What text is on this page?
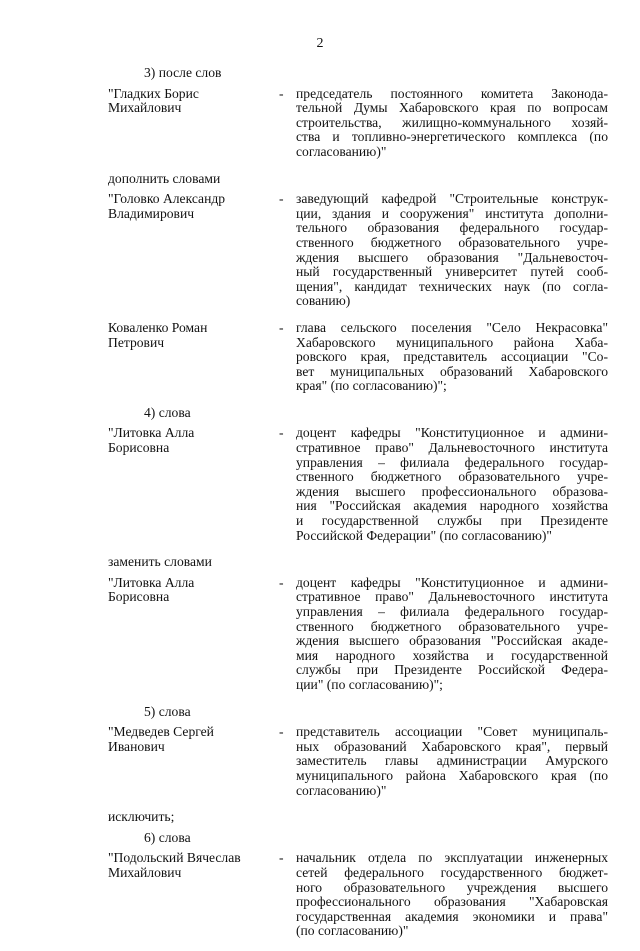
2
3) после слов
"Гладких Борис
Михайлович
- председатель постоянного комитета Законода-
тельной Думы Хабаровского края по вопросам
строительства, жилищно-коммунального хозяй-
ства и топливно-энергетического комплекса (по
согласованию)"
дополнить словами
"Головко Александр
Владимирович
- заведующий кафедрой "Строительные конструк-
ции, здания и сооружения" института дополни-
тельного образования федерального государ-
ственного бюджетного образовательного учре-
ждения высшего образования "Дальневосточ-
ный государственный университет путей сооб-
щения", кандидат технических наук (по согла-
сованию)
Коваленко Роман
Петрович
- глава сельского поселения "Село Некрасовка"
Хабаровского муниципального района Хаба-
ровского края, представитель ассоциации "Со-
вет муниципальных образований Хабаровского
края" (по согласованию)";
4) слова
"Литовка Алла
Борисовна
- доцент кафедры "Конституционное и админи-
стративное право" Дальневосточного института
управления – филиала федерального государ-
ственного бюджетного образовательного учре-
ждения высшего профессионального образова-
ния "Российская академия народного хозяйства
и государственной службы при Президенте
Российской Федерации" (по согласованию)"
заменить словами
"Литовка Алла
Борисовна
- доцент кафедры "Конституционное и админи-
стративное право" Дальневосточного института
управления – филиала федерального государ-
ственного бюджетного образовательного учре-
ждения высшего образования "Российская акаде-
мия народного хозяйства и государственной
службы при Президенте Российской Федера-
ции" (по согласованию)";
5) слова
"Медведев Сергей
Иванович
- представитель ассоциации "Совет муниципаль-
ных образований Хабаровского края", первый
заместитель главы администрации Амурского
муниципального района Хабаровского края (по
согласованию)"
исключить;
6) слова
"Подольский Вячеслав
Михайлович
- начальник отдела по эксплуатации инженерных
сетей федерального государственного бюджет-
ного образовательного учреждения высшего
профессионального образования "Хабаровская
государственная академия экономики и права"
(по согласованию)"
